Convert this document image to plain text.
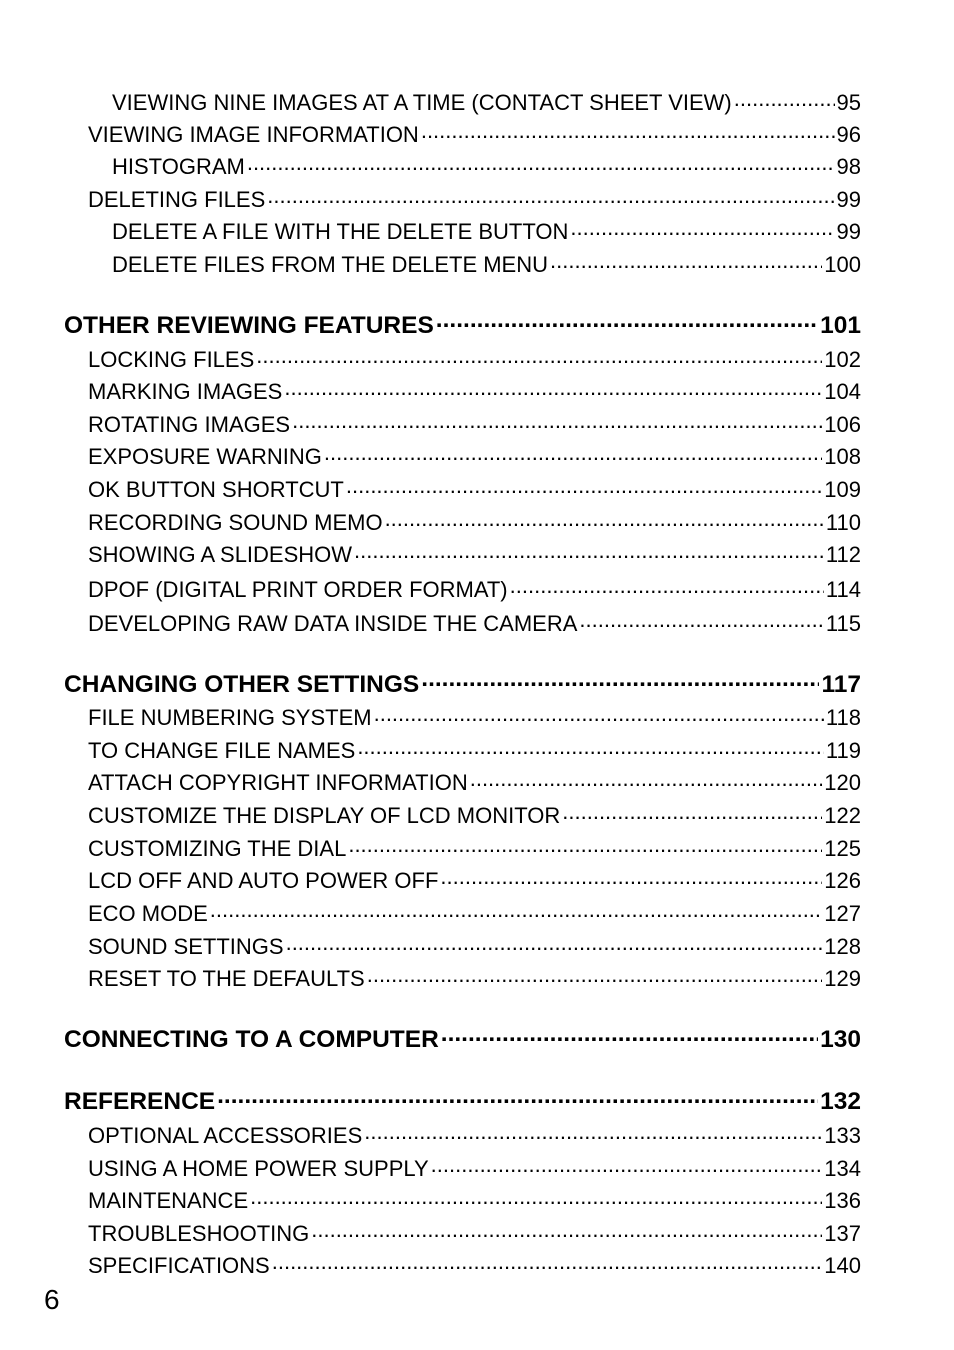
VIEWING NINE IMAGES AT A TIME (CONTACT SHEET VIEW) .....	95
VIEWING IMAGE INFORMATION .....	96
HISTOGRAM .....	98
DELETING FILES .....	99
DELETE A FILE WITH THE DELETE BUTTON .....	99
DELETE FILES FROM THE DELETE MENU .....	100
OTHER REVIEWING FEATURES .....	101
LOCKING FILES .....	102
MARKING IMAGES .....	104
ROTATING IMAGES .....	106
EXPOSURE WARNING .....	108
OK BUTTON SHORTCUT .....	109
RECORDING SOUND MEMO .....	110
SHOWING A SLIDESHOW .....	112
DPOF (DIGITAL PRINT ORDER FORMAT) .....	114
DEVELOPING RAW DATA INSIDE THE CAMERA .....	115
CHANGING OTHER SETTINGS .....	117
FILE NUMBERING SYSTEM .....	118
TO CHANGE FILE NAMES .....	119
ATTACH COPYRIGHT INFORMATION .....	120
CUSTOMIZE THE DISPLAY OF LCD MONITOR .....	122
CUSTOMIZING THE DIAL .....	125
LCD OFF AND AUTO POWER OFF .....	126
ECO MODE .....	127
SOUND SETTINGS .....	128
RESET TO THE DEFAULTS .....	129
CONNECTING TO A COMPUTER .....	130
REFERENCE .....	132
OPTIONAL ACCESSORIES .....	133
USING A HOME POWER SUPPLY .....	134
MAINTENANCE .....	136
TROUBLESHOOTING .....	137
SPECIFICATIONS .....	140
6
